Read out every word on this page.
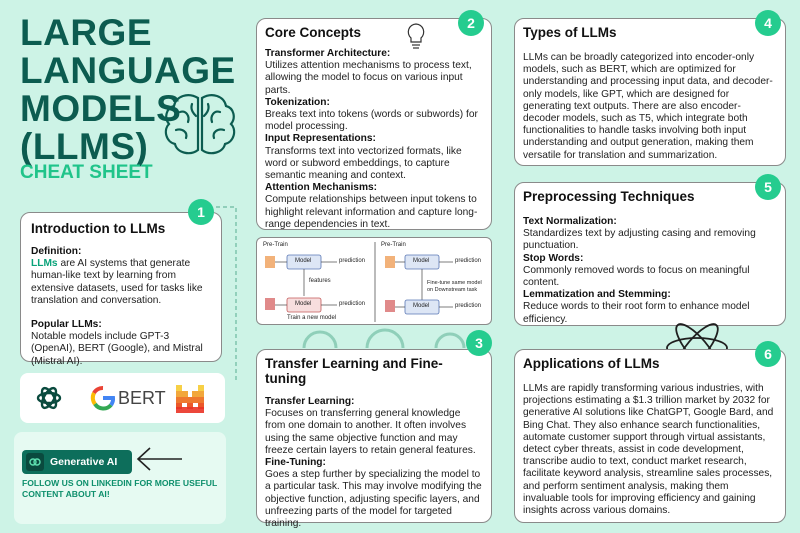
LARGE
LANGUAGE
MODELS
(LLMS)
CHEAT SHEET
Introduction to LLMs
Definition:

LLMs are AI systems that generate human-like text by learning from extensive datasets, used for tasks like translation and conversation.

Popular LLMs:

Notable models include GPT-3 (OpenAI), BERT (Google), and Mistral (Mistral AI).

1
BERT
Generative AI
FOLLOW US ON LINKEDIN FOR MORE USEFUL CONTENT ABOUT AI!
Core Concepts
Transformer Architecture:

Utilizes attention mechanisms to process text, allowing the model to focus on various input parts.

Tokenization:

Breaks text into tokens (words or subwords) for model processing.

Input Representations:

Transforms text into vectorized formats, like word or subword embeddings, to capture semantic meaning and context.

Attention Mechanisms:

Compute relationships between input tokens to highlight relevant information and capture long-range dependencies in text.

2
Pre-Train
Model	prediction
features
Model	prediction
Train a new model
Pre-Train
Model	prediction
Fine-tune same model on Downstream task
Model	prediction
Transfer Learning and Fine-tuning
Transfer Learning:

Focuses on transferring general knowledge from one domain to another. It often involves using the same objective function and may freeze certain layers to retain general features.

Fine-Tuning:

Goes a step further by specializing the model to a particular task. This may involve modifying the objective function, adjusting specific layers, and unfreezing parts of the model for targeted training.

3
Types of LLMs

LLMs can be broadly categorized into encoder-only models, such as BERT, which are optimized for understanding and processing input data, and decoder-only models, like GPT, which are designed for generating text outputs. There are also encoder-decoder models, such as T5, which integrate both functionalities to handle tasks involving both input understanding and output generation, making them versatile for translation and summarization.

4
Preprocessing Techniques
Text Normalization:

Standardizes text by adjusting casing and removing punctuation.

Stop Words:

Commonly removed words to focus on meaningful content.

Lemmatization and Stemming:

Reduce words to their root form to enhance model efficiency.

5
Applications of LLMs

LLMs are rapidly transforming various industries, with projections estimating a $1.3 trillion market by 2032 for generative AI solutions like ChatGPT, Google Bard, and Bing Chat. They also enhance search functionalities, automate customer support through virtual assistants, detect cyber threats, assist in code development, transcribe audio to text, conduct market research, facilitate keyword analysis, streamline sales processes, and perform sentiment analysis, making them invaluable tools for improving efficiency and gaining insights across various domains.

6
